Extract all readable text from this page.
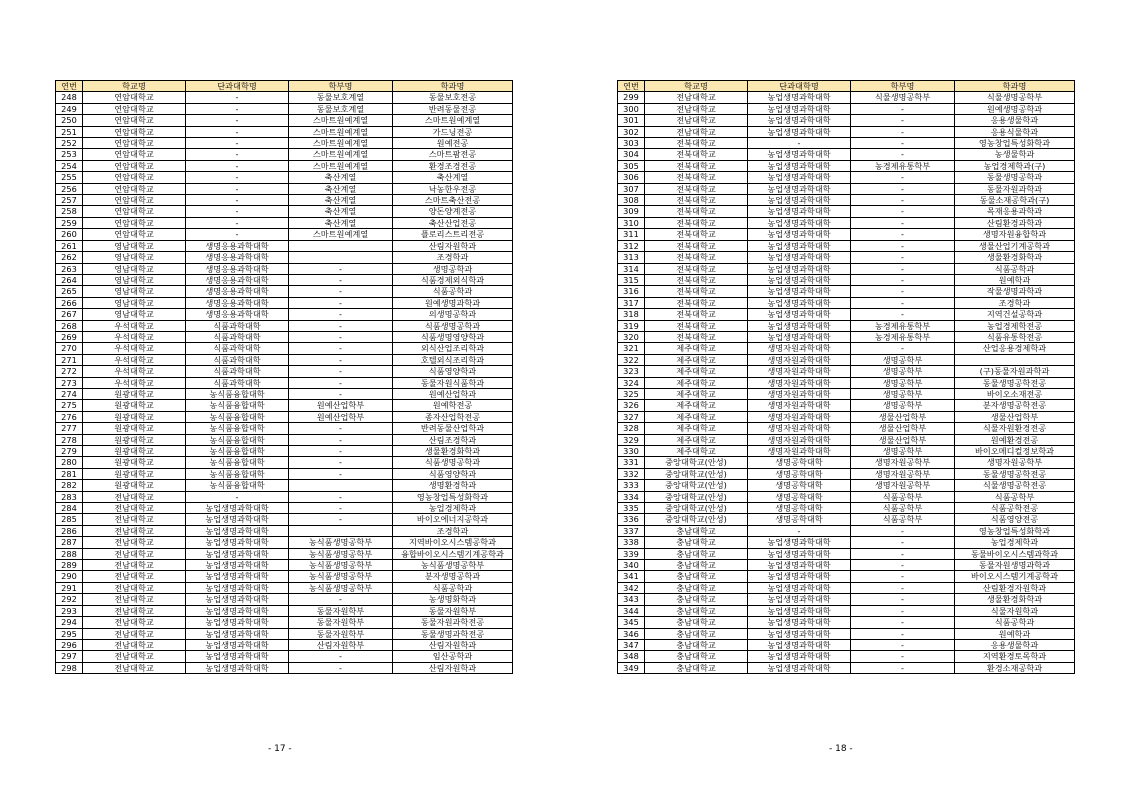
연번	학교명	단과대학명	학부명	학과명
248	연암대학교	-	동물보호계열	동물보호전공
249	연암대학교	-	동물보호계열	반려동물전공
250	연암대학교	-	스마트원예계열	스마트원예계열
251	연암대학교	-	스마트원예계열	가드닝전공
252	연암대학교	-	스마트원예계열	원예전공
253	연암대학교	-	스마트원예계열	스마트팜전공
254	연암대학교	-	스마트원예계열	환경조경전공
255	연암대학교	-	축산계열	축산계열
256	연암대학교	-	축산계열	낙농한우전공
257	연암대학교	-	축산계열	스마트축산전공
258	연암대학교	-	축산계열	양돈양계전공
259	연암대학교	-	축산계열	축산산업전공
260	연암대학교	-	스마트원예계열	플로리스트리전공
261	영남대학교	생명응용과학대학		산림자원학과
262	영남대학교	생명응용과학대학		조경학과
263	영남대학교	생명응용과학대학	-	생명공학과
264	영남대학교	생명응용과학대학	-	식품경제외식학과
265	영남대학교	생명응용과학대학	-	식품공학과
266	영남대학교	생명응용과학대학	-	원예생명과학과
267	영남대학교	생명응용과학대학	-	의생명공학과
268	우석대학교	식품과학대학	-	식품생명공학과
269	우석대학교	식품과학대학	-	식품생명영양학과
270	우석대학교	식품과학대학	-	외식산업조리학과
271	우석대학교	식품과학대학	-	호텔외식조리학과
272	우석대학교	식품과학대학	-	식품영양학과
273	우석대학교	식품과학대학	-	동물자원식품학과
274	원광대학교	농식품융합대학	-	원예산업학과
275	원광대학교	농식품융합대학	원예산업학부	원예학전공
276	원광대학교	농식품융합대학	원예산업학부	종자산업학전공
277	원광대학교	농식품융합대학	-	반려동물산업학과
278	원광대학교	농식품융합대학	-	산림조경학과
279	원광대학교	농식품융합대학	-	생물환경화학과
280	원광대학교	농식품융합대학	-	식품생명공학과
281	원광대학교	농식품융합대학	-	식품영양학과
282	원광대학교	농식품융합대학		생명환경학과
283	전남대학교	-	-	영농창업특성화학과
284	전남대학교	농업생명과학대학	-	농업경제학과
285	전남대학교	농업생명과학대학	-	바이오에너지공학과
286	전남대학교	농업생명과학대학		조경학과
287	전남대학교	농업생명과학대학	농식품생명공학부	지역바이오시스템공학과
288	전남대학교	농업생명과학대학	농식품생명공학부	융합바이오시스템기계공학과
289	전남대학교	농업생명과학대학	농식품생명공학부	농식품생명공학부
290	전남대학교	농업생명과학대학	농식품생명공학부	분자생명공학과
291	전남대학교	농업생명과학대학	농식품생명공학부	식품공학과
292	전남대학교	농업생명과학대학	-	농생명화학과
293	전남대학교	농업생명과학대학	동물자원학부	동물자원학부
294	전남대학교	농업생명과학대학	동물자원학부	동물자원과학전공
295	전남대학교	농업생명과학대학	동물자원학부	동물생명과학전공
296	전남대학교	농업생명과학대학	산림자원학부	산림자원학과
297	전남대학교	농업생명과학대학	-	임산공학과
298	전남대학교	농업생명과학대학	-	산림자원학과
연번	학교명	단과대학명	학부명	학과명
299	전남대학교	농업생명과학대학	식물생명공학부	식물생명공학부
300	전남대학교	농업생명과학대학	-	원예생명공학과
301	전남대학교	농업생명과학대학	-	응용생물학과
302	전남대학교	농업생명과학대학	-	응용식물학과
303	전북대학교	-	-	영농창업특성화학과
304	전북대학교	농업생명과학대학	-	농생물학과
305	전북대학교	농업생명과학대학	농경제유통학부	농업경제학과(구)
306	전북대학교	농업생명과학대학	-	동물생명공학과
307	전북대학교	농업생명과학대학	-	동물자원과학과
308	전북대학교	농업생명과학대학	-	동물소재공학과(구)
309	전북대학교	농업생명과학대학	-	목재응용과학과
310	전북대학교	농업생명과학대학	-	산림환경과학과
311	전북대학교	농업생명과학대학	-	생명자원융합학과
312	전북대학교	농업생명과학대학	-	생물산업기계공학과
313	전북대학교	농업생명과학대학	-	생물환경화학과
314	전북대학교	농업생명과학대학	-	식품공학과
315	전북대학교	농업생명과학대학	-	원예학과
316	전북대학교	농업생명과학대학	-	작물생명과학과
317	전북대학교	농업생명과학대학	-	조경학과
318	전북대학교	농업생명과학대학	-	지역건설공학과
319	전북대학교	농업생명과학대학	농경제유통학부	농업경제학전공
320	전북대학교	농업생명과학대학	농경제유통학부	식품유통학전공
321	제주대학교	생명자원과학대학	-	산업응용경제학과
322	제주대학교	생명자원과학대학	생명공학부	
323	제주대학교	생명자원과학대학	생명공학부	(구)동물자원과학과
324	제주대학교	생명자원과학대학	생명공학부	동물생명공학전공
325	제주대학교	생명자원과학대학	생명공학부	바이오소재전공
326	제주대학교	생명자원과학대학	생명공학부	분자생명공학전공
327	제주대학교	생명자원과학대학	생물산업학부	생물산업학부
328	제주대학교	생명자원과학대학	생물산업학부	식물자원환경전공
329	제주대학교	생명자원과학대학	생물산업학부	원예환경전공
330	제주대학교	생명자원과학대학	생명공학부	바이오메디컬정보학과
331	중앙대학교(안성)	생명공학대학	생명자원공학부	생명자원공학부
332	중앙대학교(안성)	생명공학대학	생명자원공학부	동물생명공학전공
333	중앙대학교(안성)	생명공학대학	생명자원공학부	식물생명공학전공
334	중앙대학교(안성)	생명공학대학	식품공학부	식품공학부
335	중앙대학교(안성)	생명공학대학	식품공학부	식품공학전공
336	중앙대학교(안성)	생명공학대학	식품공학부	식품영양전공
337	충남대학교	-	-	영농창업특성화학과
338	충남대학교	농업생명과학대학	-	농업경제학과
339	충남대학교	농업생명과학대학	-	동물바이오시스템과학과
340	충남대학교	농업생명과학대학	-	동물자원생명과학과
341	충남대학교	농업생명과학대학	-	바이오시스템기계공학과
342	충남대학교	농업생명과학대학	-	산림환경자원학과
343	충남대학교	농업생명과학대학	-	생물환경화학과
344	충남대학교	농업생명과학대학	-	식물자원학과
345	충남대학교	농업생명과학대학	-	식품공학과
346	충남대학교	농업생명과학대학	-	원예학과
347	충남대학교	농업생명과학대학	-	응용생물학과
348	충남대학교	농업생명과학대학	-	지역환경토목학과
349	충남대학교	농업생명과학대학	-	환경소재공학과
- 17 -	- 18 -
